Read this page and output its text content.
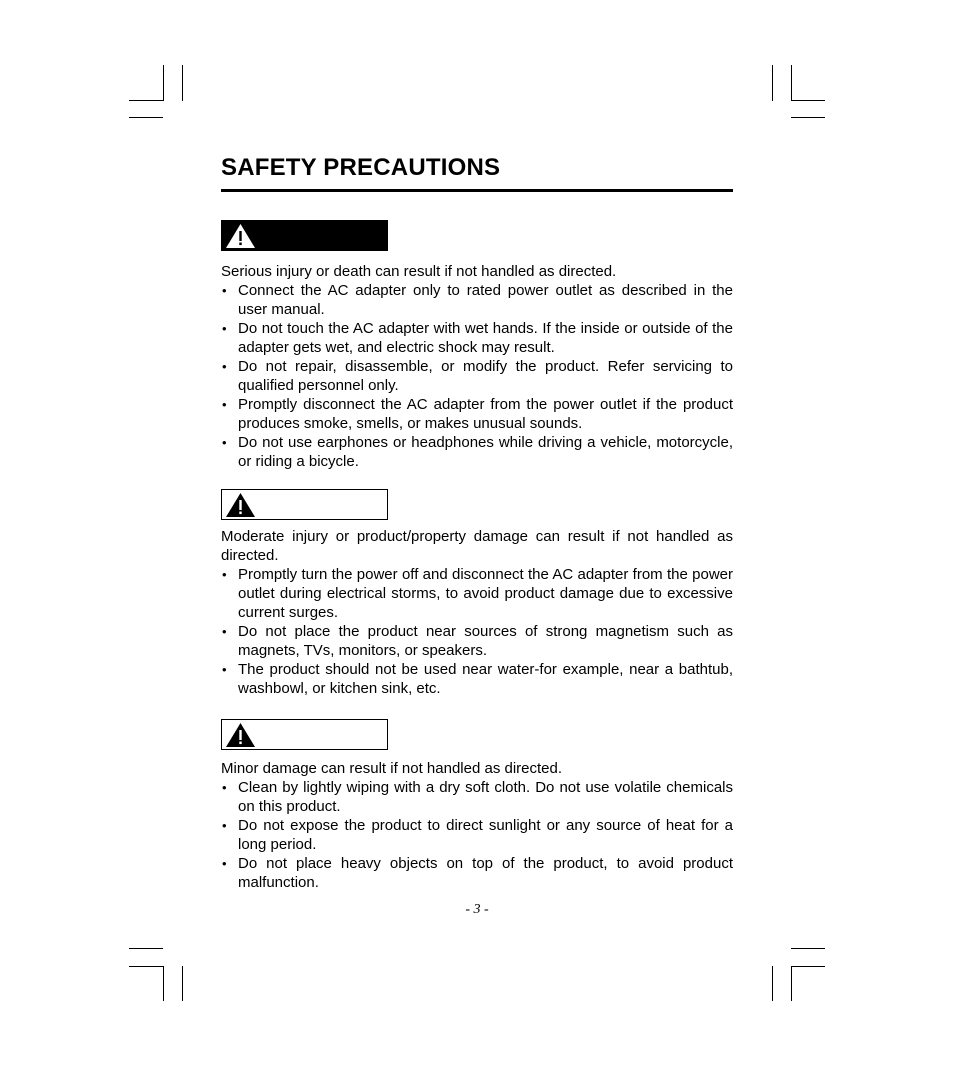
SAFETY PRECAUTIONS

Serious injury or death can result if not handled as directed.

• Connect the AC adapter only to rated power outlet as described in the user manual.
• Do not touch the AC adapter with wet hands. If the inside or outside of the adapter gets wet, and electric shock may result.
• Do not repair, disassemble, or modify the product. Refer servicing to qualified personnel only.
• Promptly disconnect the AC adapter from the power outlet if the product produces smoke, smells, or makes unusual sounds.
• Do not use earphones or headphones while driving a vehicle, motorcycle, or riding a bicycle.

Moderate injury or product/property damage can result if not handled as directed.

• Promptly turn the power off and disconnect the AC adapter from the power outlet during electrical storms, to avoid product damage due to excessive current surges.
• Do not place the product near sources of strong magnetism such as magnets, TVs, monitors, or speakers.
• The product should not be used near water-for example, near a bathtub, washbowl, or kitchen sink, etc.

Minor damage can result if not handled as directed.

• Clean by lightly wiping with a dry soft cloth. Do not use volatile chemicals on this product.
• Do not expose the product to direct sunlight or any source of heat for a long period.
• Do not place heavy objects on top of the product, to avoid product malfunction.
- 3 -
